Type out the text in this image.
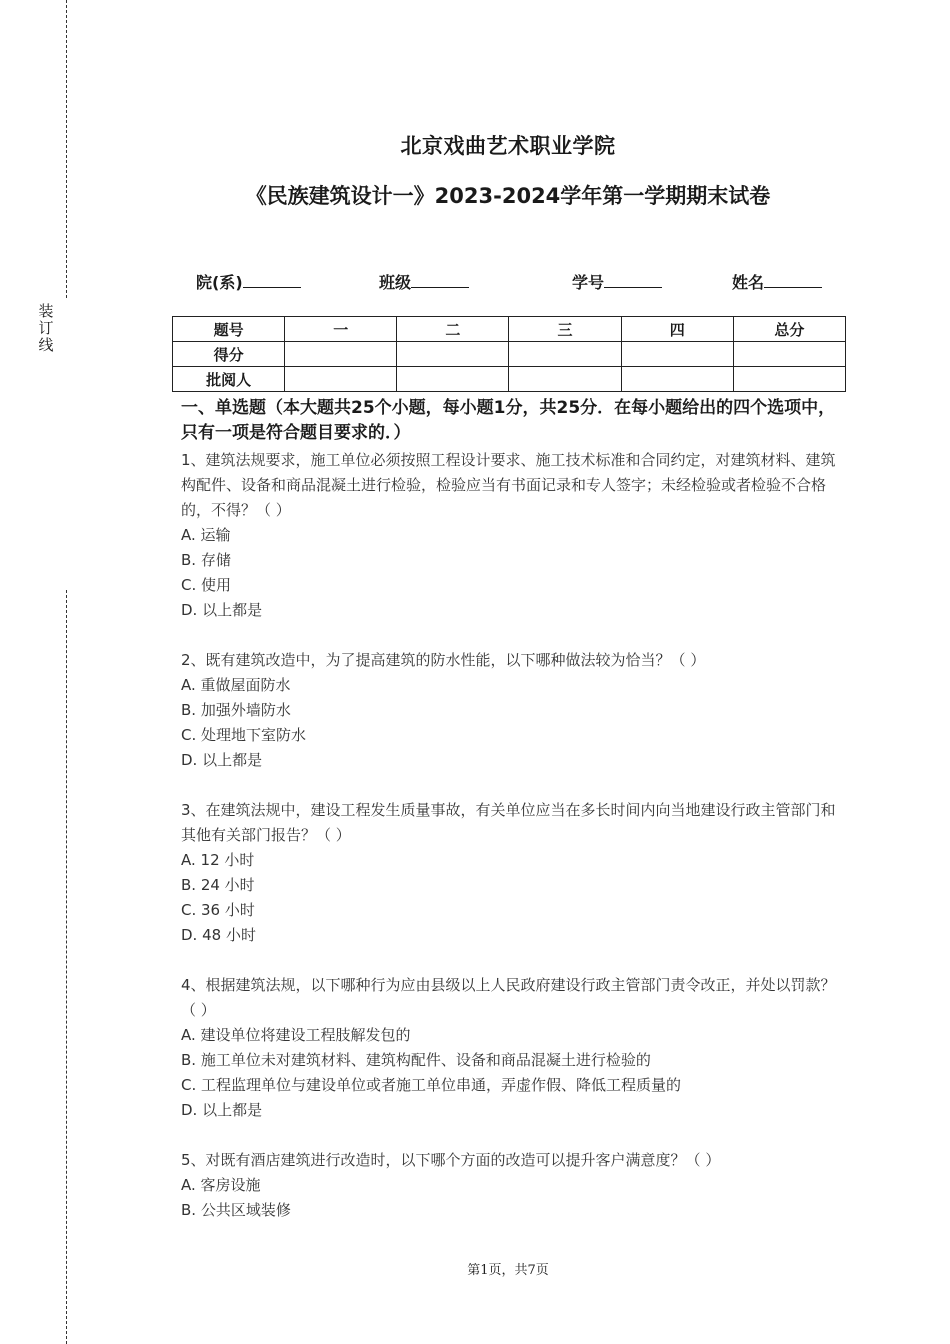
装
订
线
北京戏曲艺术职业学院
《民族建筑设计一》2023-2024学年第一学期期末试卷
院(系)	班级	学号	姓名
题号	一	二	三	四	总分
得分					
批阅人					

一、单选题（本大题共25个小题，每小题1分，共25分．在每小题给出的四个选项中，只有一项是符合题目要求的．）

1、建筑法规要求，施工单位必须按照工程设计要求、施工技术标准和合同约定，对建筑材料、建筑构配件、设备和商品混凝土进行检验，检验应当有书面记录和专人签字；未经检验或者检验不合格的，不得？（ ）

A. 运输

B. 存储

C. 使用

D. 以上都是

2、既有建筑改造中，为了提高建筑的防水性能，以下哪种做法较为恰当？（ ）

A. 重做屋面防水

B. 加强外墙防水

C. 处理地下室防水

D. 以上都是

3、在建筑法规中，建设工程发生质量事故，有关单位应当在多长时间内向当地建设行政主管部门和其他有关部门报告？（ ）

A. 12 小时

B. 24 小时

C. 36 小时

D. 48 小时

4、根据建筑法规，以下哪种行为应由县级以上人民政府建设行政主管部门责令改正，并处以罚款？（ ）

A. 建设单位将建设工程肢解发包的

B. 施工单位未对建筑材料、建筑构配件、设备和商品混凝土进行检验的

C. 工程监理单位与建设单位或者施工单位串通，弄虚作假、降低工程质量的

D. 以上都是

5、对既有酒店建筑进行改造时，以下哪个方面的改造可以提升客户满意度？（ ）

A. 客房设施

B. 公共区域装修

第1页，共7页
